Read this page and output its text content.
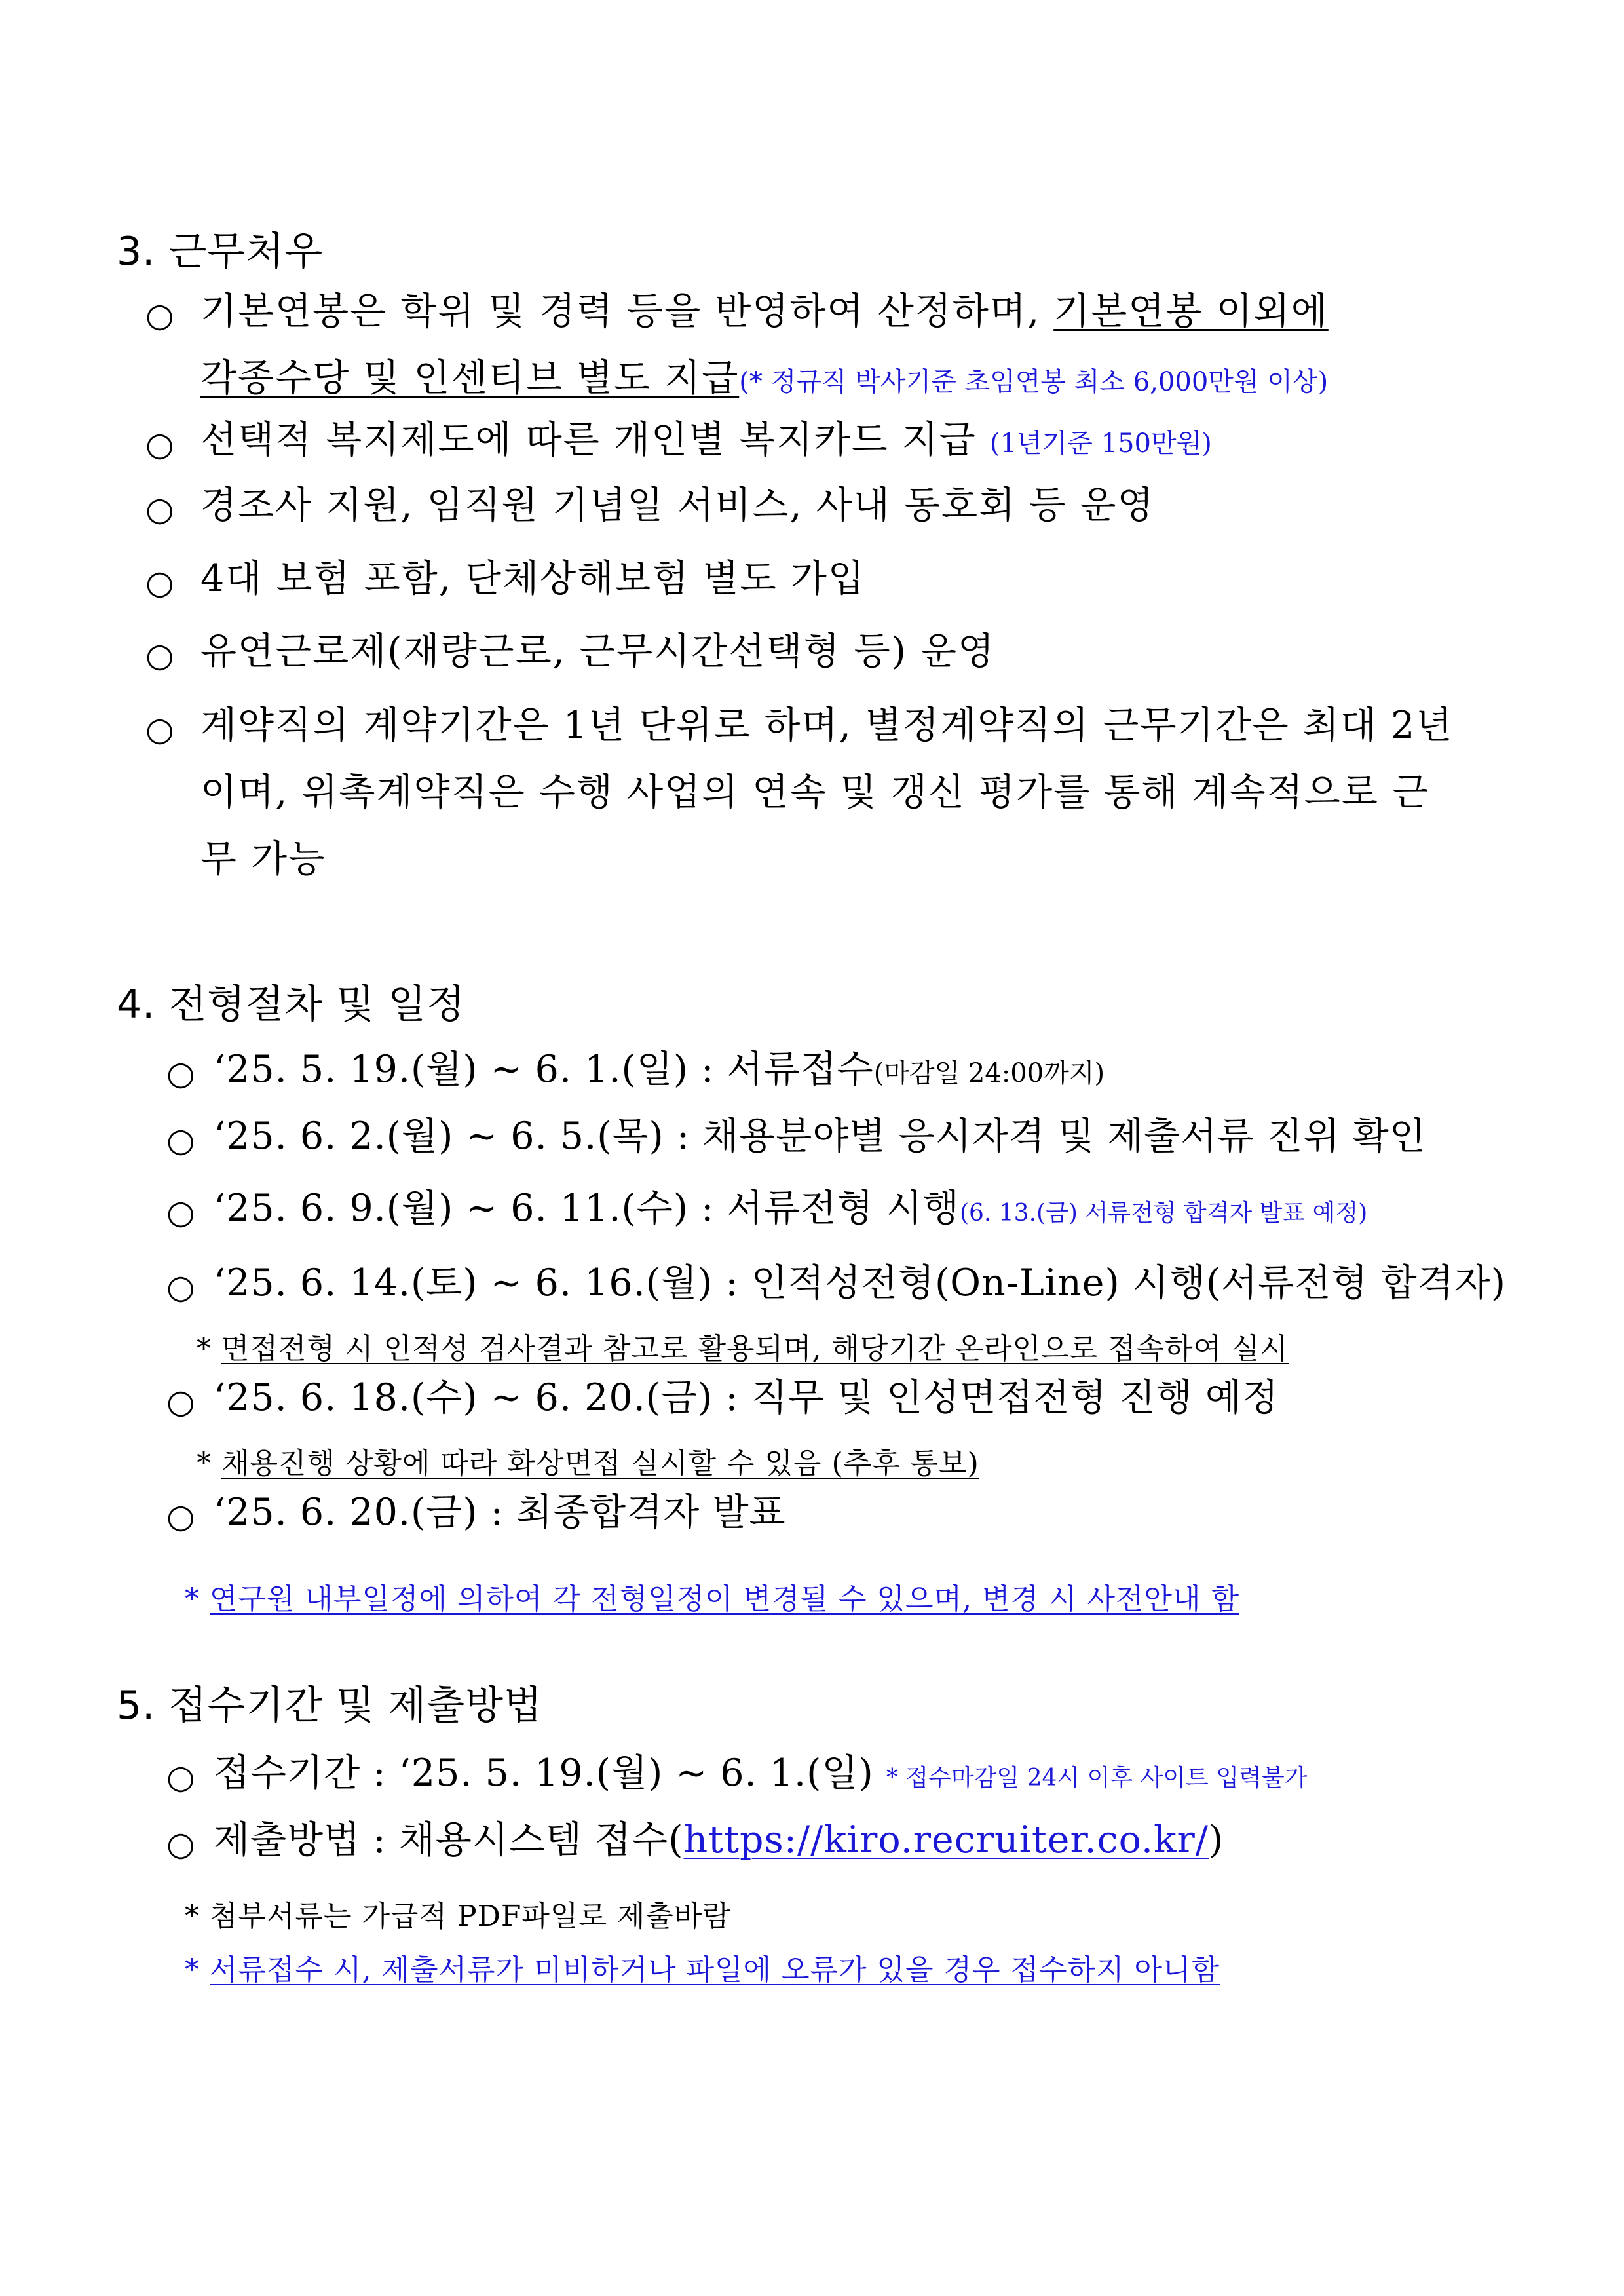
3. 근무처우
○ 기본연봉은 학위 및 경력 등을 반영하여 산정하며, 기본연봉 이외에
각종수당 및 인센티브 별도 지급(* 정규직 박사기준 초임연봉 최소 6,000만원 이상)
○ 선택적 복지제도에 따른 개인별 복지카드 지급 (1년기준 150만원)
○ 경조사 지원, 임직원 기념일 서비스, 사내 동호회 등 운영
○ 4대 보험 포함, 단체상해보험 별도 가입
○ 유연근로제(재량근로, 근무시간선택형 등) 운영
○ 계약직의 계약기간은 1년 단위로 하며, 별정계약직의 근무기간은 최대 2년
이며, 위촉계약직은 수행 사업의 연속 및 갱신 평가를 통해 계속적으로 근
무 가능
4. 전형절차 및 일정
○ ‘25. 5. 19.(월) ~ 6. 1.(일) : 서류접수(마감일 24:00까지)
○ ‘25. 6. 2.(월) ~ 6. 5.(목) : 채용분야별 응시자격 및 제출서류 진위 확인
○ ‘25. 6. 9.(월) ~ 6. 11.(수) : 서류전형 시행(6. 13.(금) 서류전형 합격자 발표 예정)
○ ‘25. 6. 14.(토) ~ 6. 16.(월) : 인적성전형(On-Line) 시행(서류전형 합격자)
* 면접전형 시 인적성 검사결과 참고로 활용되며, 해당기간 온라인으로 접속하여 실시
○ ‘25. 6. 18.(수) ~ 6. 20.(금) : 직무 및 인성면접전형 진행 예정
* 채용진행 상황에 따라 화상면접 실시할 수 있음 (추후 통보)
○ ‘25. 6. 20.(금) : 최종합격자 발표
* 연구원 내부일정에 의하여 각 전형일정이 변경될 수 있으며, 변경 시 사전안내 함
5. 접수기간 및 제출방법
○ 접수기간 : ‘25. 5. 19.(월) ~ 6. 1.(일) * 접수마감일 24시 이후 사이트 입력불가
○ 제출방법 : 채용시스템 접수(https://kiro.recruiter.co.kr/)
* 첨부서류는 가급적 PDF파일로 제출바람
* 서류접수 시, 제출서류가 미비하거나 파일에 오류가 있을 경우 접수하지 아니함
